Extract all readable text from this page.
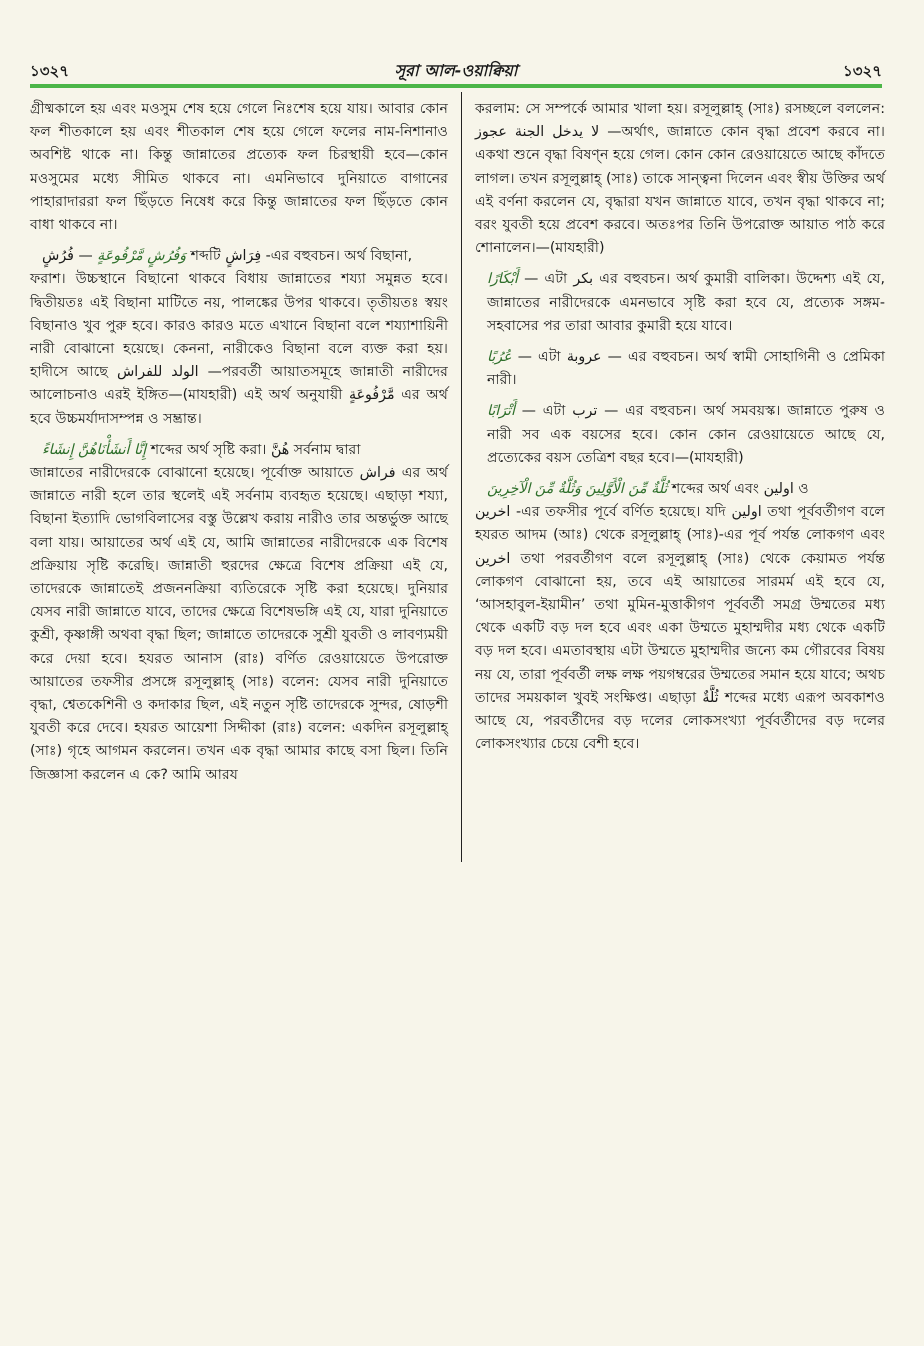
১৩২৭	সূরা আল-ওয়াক্বিয়া	১৩২৭

গ্রীষ্মকালে হয় এবং মওসুম শেষ হয়ে গেলে নিঃশেষ হয়ে যায়। আবার কোন ফল শীতকালে হয় এবং শীতকাল শেষ হয়ে গেলে ফলের নাম-নিশানাও অবশিষ্ট থাকে না। কিন্তু জান্নাতের প্রত্যেক ফল চিরস্থায়ী হবে—কোন মওসুমের মধ্যে সীমিত থাকবে না। এমনিভাবে দুনিয়াতে বাগানের পাহারাদাররা ফল ছিঁড়তে নিষেধ করে কিন্তু জান্নাতের ফল ছিঁড়তে কোন বাধা থাকবে না।

وَفُرُشٍ مَّرْفُوعَةٍ — فُرُشٍ শব্দটি فِرَاشٍ -এর বহুবচন। অর্থ বিছানা,

ফরাশ। উচ্চস্থানে বিছানো থাকবে বিধায় জান্নাতের শয্যা সমুন্নত হবে। দ্বিতীয়তঃ এই বিছানা মাটিতে নয়, পালঙ্কের উপর থাকবে। তৃতীয়তঃ স্বয়ং বিছানাও খুব পুরু হবে। কারও কারও মতে এখানে বিছানা বলে শয্যাশায়িনী নারী বোঝানো হয়েছে। কেননা, নারীকেও বিছানা বলে ব্যক্ত করা হয়। হাদীসে আছে الولد للفراش —পরবর্তী আয়াতসমূহে জান্নাতী নারীদের আলোচনাও এরই ইঙ্গিত—(মাযহারী) এই অর্থ অনুযায়ী مَّرْفُوعَةٍ এর অর্থ হবে উচ্চমর্যাদাসম্পন্ন ও সম্ভ্রান্ত।

إِنَّا أَنشَأْنَاهُنَّ إِنشَاءً শব্দের অর্থ সৃষ্টি করা। هُنَّ সর্বনাম দ্বারা

জান্নাতের নারীদেরকে বোঝানো হয়েছে। পূর্বোক্ত আয়াতে فراش এর অর্থ জান্নাতে নারী হলে তার স্থলেই এই সর্বনাম ব্যবহৃত হয়েছে। এছাড়া শয্যা, বিছানা ইত্যাদি ভোগবিলাসের বস্তু উল্লেখ করায় নারীও তার অন্তর্ভুক্ত আছে বলা যায়। আয়াতের অর্থ এই যে, আমি জান্নাতের নারীদেরকে এক বিশেষ প্রক্রিয়ায় সৃষ্টি করেছি। জান্নাতী হুরদের ক্ষেত্রে বিশেষ প্রক্রিয়া এই যে, তাদেরকে জান্নাতেই প্রজননক্রিয়া ব্যতিরেকে সৃষ্টি করা হয়েছে। দুনিয়ার যেসব নারী জান্নাতে যাবে, তাদের ক্ষেত্রে বিশেষভঙ্গি এই যে, যারা দুনিয়াতে কুশ্রী, কৃষ্ণাঙ্গী অথবা বৃদ্ধা ছিল; জান্নাতে তাদেরকে সুশ্রী যুবতী ও লাবণ্যময়ী করে দেয়া হবে। হযরত আনাস (রাঃ) বর্ণিত রেওয়ায়েতে উপরোক্ত আয়াতের তফসীর প্রসঙ্গে রসূলুল্লাহ্ (সাঃ) বলেন: যেসব নারী দুনিয়াতে বৃদ্ধা, শ্বেতকেশিনী ও কদাকার ছিল, এই নতুন সৃষ্টি তাদেরকে সুন্দর, ষোড়শী যুবতী করে দেবে। হযরত আয়েশা সিদ্দীকা (রাঃ) বলেন: একদিন রসূলুল্লাহ্ (সাঃ) গৃহে আগমন করলেন। তখন এক বৃদ্ধা আমার কাছে বসা ছিল। তিনি জিজ্ঞাসা করলেন এ কে? আমি আরয

করলাম: সে সম্পর্কে আমার খালা হয়। রসূলুল্লাহ্ (সাঃ) রসচ্ছলে বললেন: لا يدخل الجنة عجوز —অর্থাৎ, জান্নাতে কোন বৃদ্ধা প্রবেশ করবে না। একথা শুনে বৃদ্ধা বিষণ্ন হয়ে গেল। কোন কোন রেওয়ায়েতে আছে কাঁদতে লাগল। তখন রসূলুল্লাহ্ (সাঃ) তাকে সান্ত্বনা দিলেন এবং স্বীয় উক্তির অর্থ এই বর্ণনা করলেন যে, বৃদ্ধারা যখন জান্নাতে যাবে, তখন বৃদ্ধা থাকবে না; বরং যুবতী হয়ে প্রবেশ করবে। অতঃপর তিনি উপরোক্ত আয়াত পাঠ করে শোনালেন।—(মাযহারী)

أَبْكَارًا — এটা بكر এর বহুবচন। অর্থ কুমারী বালিকা। উদ্দেশ্য এই যে, জান্নাতের নারীদেরকে এমনভাবে সৃষ্টি করা হবে যে, প্রত্যেক সঙ্গম-সহবাসের পর তারা আবার কুমারী হয়ে যাবে।

عُرُبًا — এটা عروبة — এর বহুবচন। অর্থ স্বামী সোহাগিনী ও প্রেমিকা নারী।

أَتْرَابًا — এটা ترب — এর বহুবচন। অর্থ সমবয়স্ক। জান্নাতে পুরুষ ও নারী সব এক বয়সের হবে। কোন কোন রেওয়ায়েতে আছে যে, প্রত্যেকের বয়স তেত্রিশ বছর হবে।—(মাযহারী)

ثُلَّةٌ مِّنَ الْأَوَّلِينَ وَثُلَّةٌ مِّنَ الْآخِرِينَ শব্দের অর্থ এবং اولين ও

اخرين -এর তফসীর পূর্বে বর্ণিত হয়েছে। যদি اولين তথা পূর্ববর্তীগণ বলে হযরত আদম (আঃ) থেকে রসূলুল্লাহ্ (সাঃ)-এর পূর্ব পর্যন্ত লোকগণ এবং اخرين তথা পরবর্তীগণ বলে রসূলুল্লাহ্ (সাঃ) থেকে কেয়ামত পর্যন্ত লোকগণ বোঝানো হয়, তবে এই আয়াতের সারমর্ম এই হবে যে, ‘আসহাবুল-ইয়ামীন’ তথা মুমিন-মুত্তাকীগণ পূর্ববর্তী সমগ্র উম্মতের মধ্য থেকে একটি বড় দল হবে এবং একা উম্মতে মুহাম্মদীর মধ্য থেকে একটি বড় দল হবে। এমতাবস্থায় এটা উম্মতে মুহাম্মদীর জন্যে কম গৌরবের বিষয় নয় যে, তারা পূর্ববর্তী লক্ষ লক্ষ পয়গম্বরের উম্মতের সমান হয়ে যাবে; অথচ তাদের সময়কাল খুবই সংক্ষিপ্ত। এছাড়া ثُلَّةٌ শব্দের মধ্যে এরূপ অবকাশও আছে যে, পরবর্তীদের বড় দলের লোকসংখ্যা পূর্ববর্তীদের বড় দলের লোকসংখ্যার চেয়ে বেশী হবে।
